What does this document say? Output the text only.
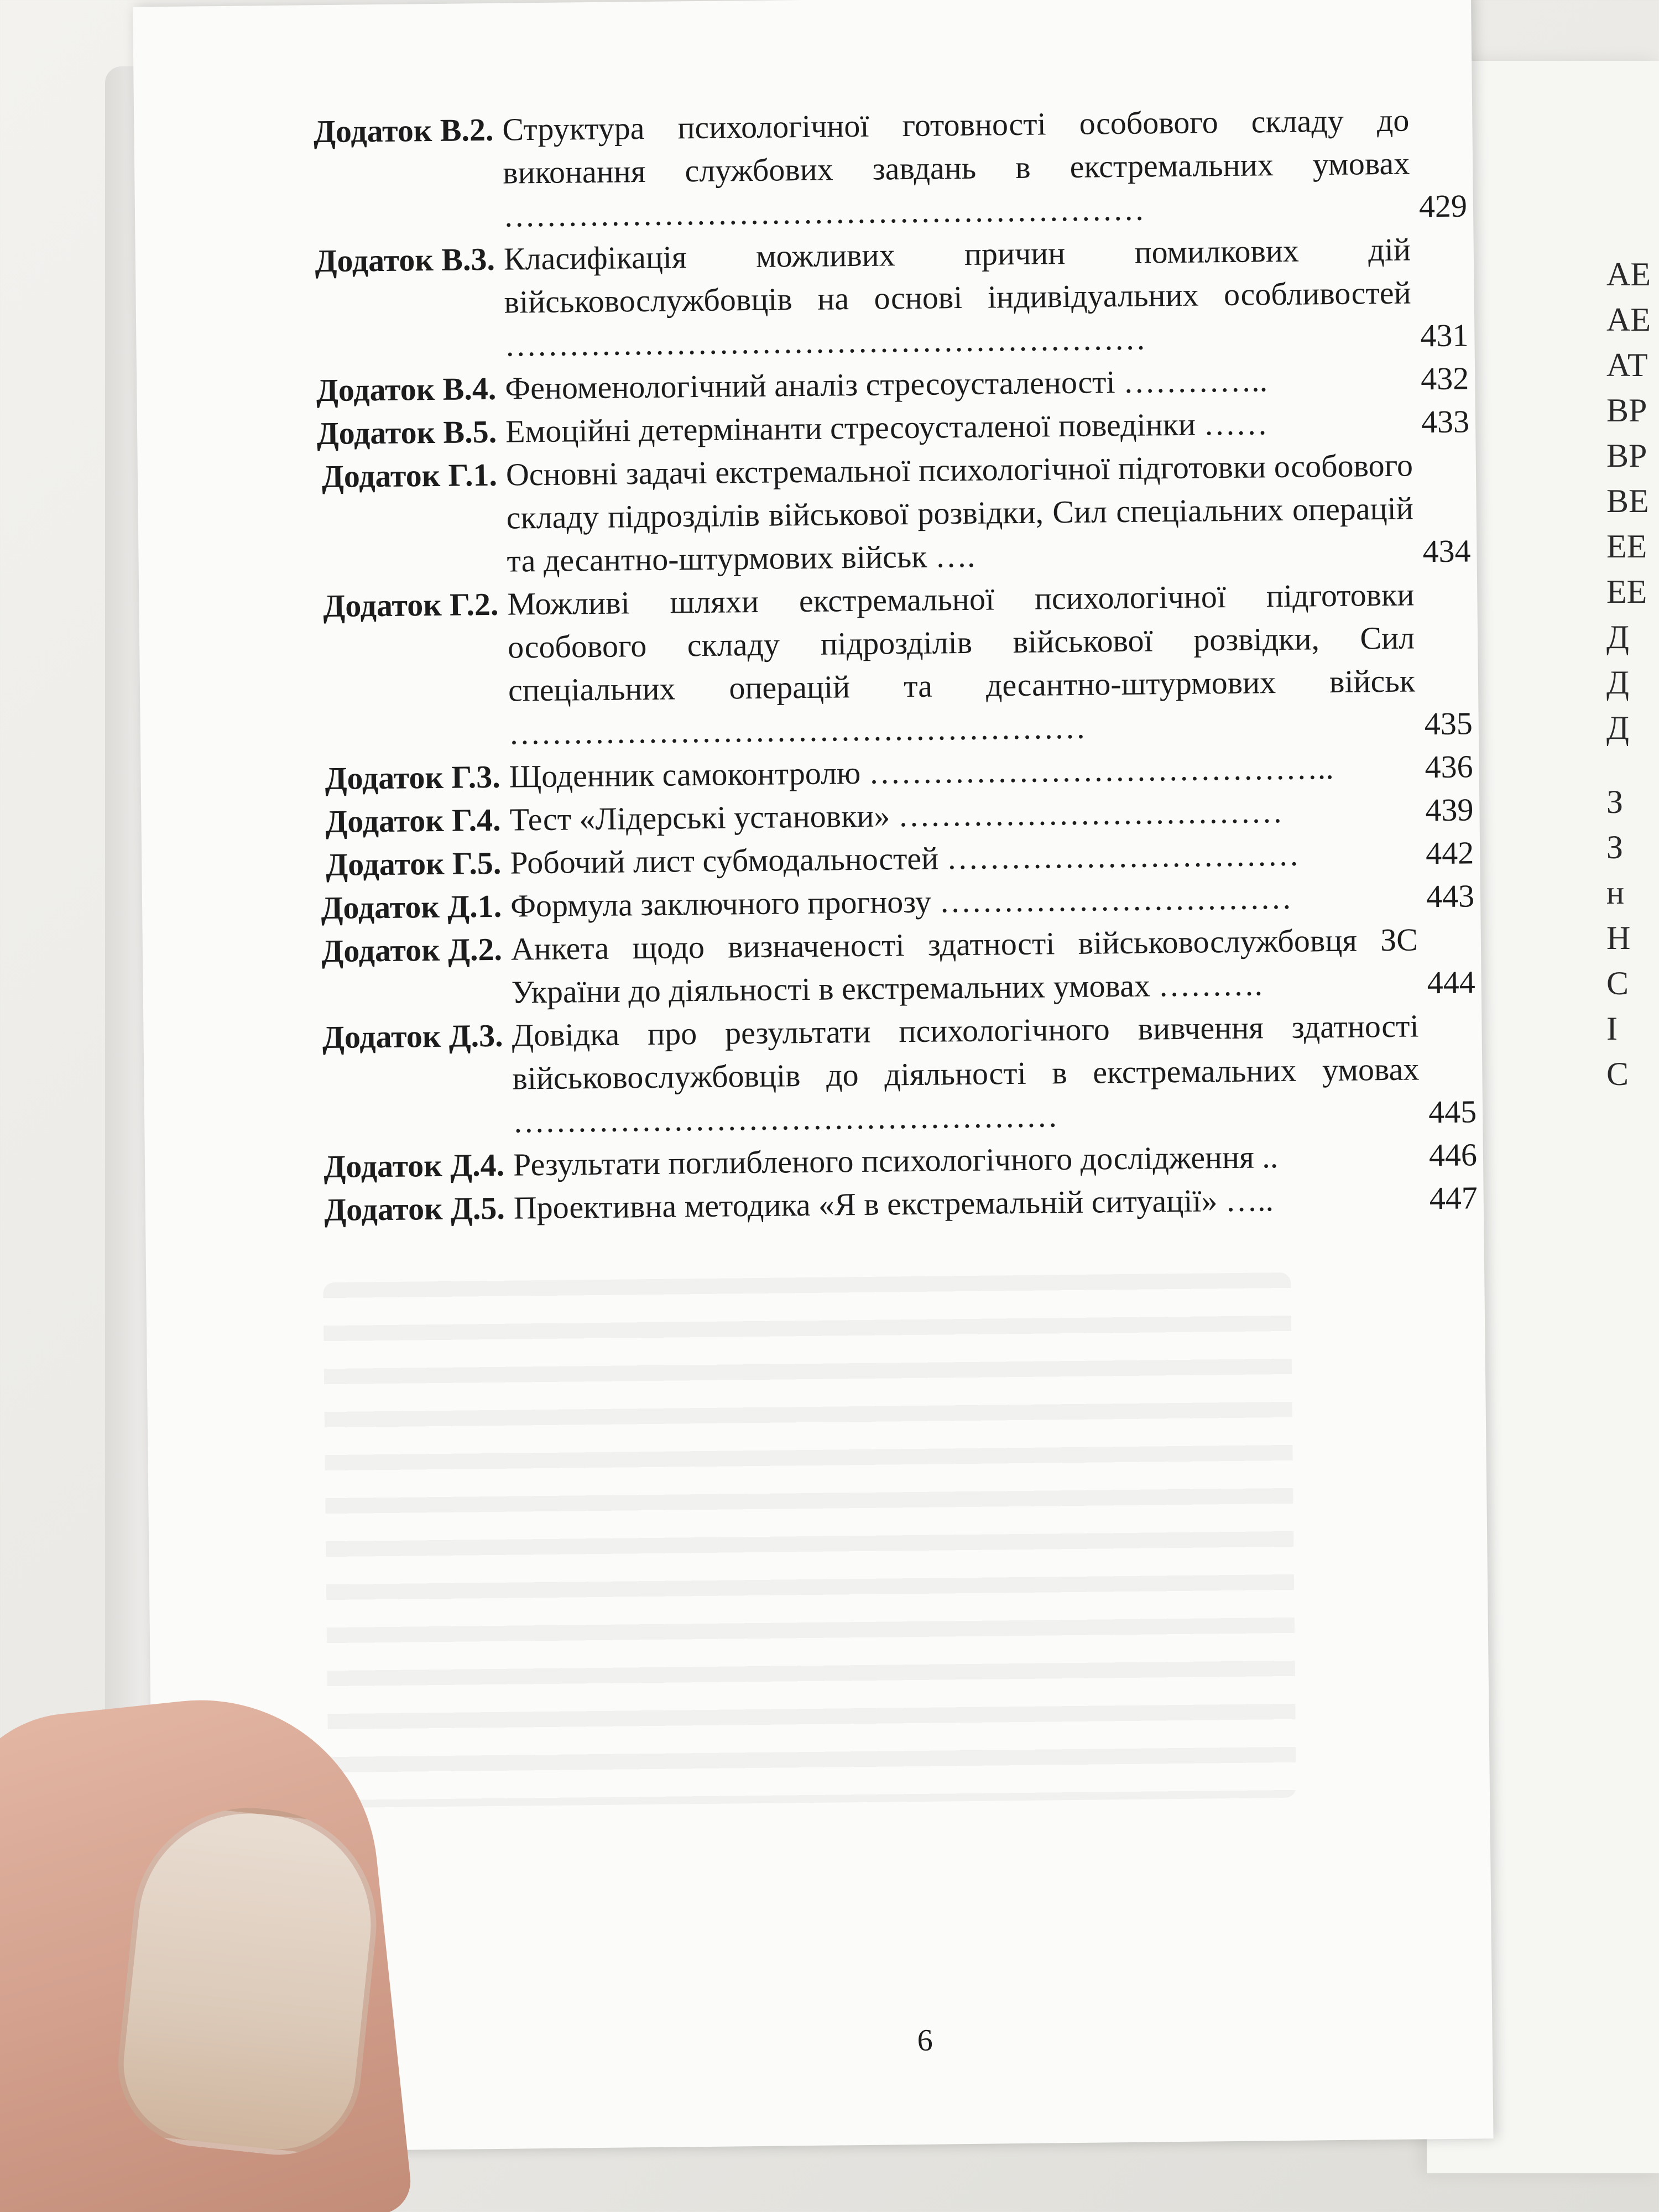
АЕ
АЕ
АТ
ВР
ВР
ВЕ
ЕЕ
ЕЕ
Д
Д
Д
З
З
н
Н
С
І
С
Додаток В.2. Структура психологічної готовності особового складу до виконання службових завдань в екстремальних умовах ……………………………………………………	429
Додаток В.3. Класифікація можливих причин помилкових дій військовослужбовців на основі індивідуальних особливостей ……………………………………………………	431
Додаток В.4. Феноменологічний аналіз стресоусталеності …………..	432
Додаток В.5. Емоційні детермінанти стресоусталеної поведінки ……	433
Додаток Г.1. Основні задачі екстремальної психологічної підготовки особового складу підрозділів військової розвідки, Сил спеціальних операцій та десантно-штурмових військ ….	434
Додаток Г.2. Можливі шляхи екстремальної психологічної підготовки особового складу підрозділів військової розвідки, Сил спеціальних операцій та десантно-штурмових військ ………………………………………………	435
Додаток Г.3. Щоденник самоконтролю ……………………………………..	436
Додаток Г.4. Тест «Лідерські установки» ………………………………	439
Додаток Г.5. Робочий лист субмодальностей ……………………………	442
Додаток Д.1. Формула заключного прогнозу ……………………………	443
Додаток Д.2. Анкета щодо визначеності здатності військовослужбовця ЗС України до діяльності в екстремальних умовах ……….	444
Додаток Д.3. Довідка про результати психологічного вивчення здатності військовослужбовців до діяльності в екстремальних умовах ……………………………………………	445
Додаток Д.4. Результати поглибленого психологічного дослідження ..	446
Додаток Д.5. Проективна методика «Я в екстремальній ситуації» …..	447
6
